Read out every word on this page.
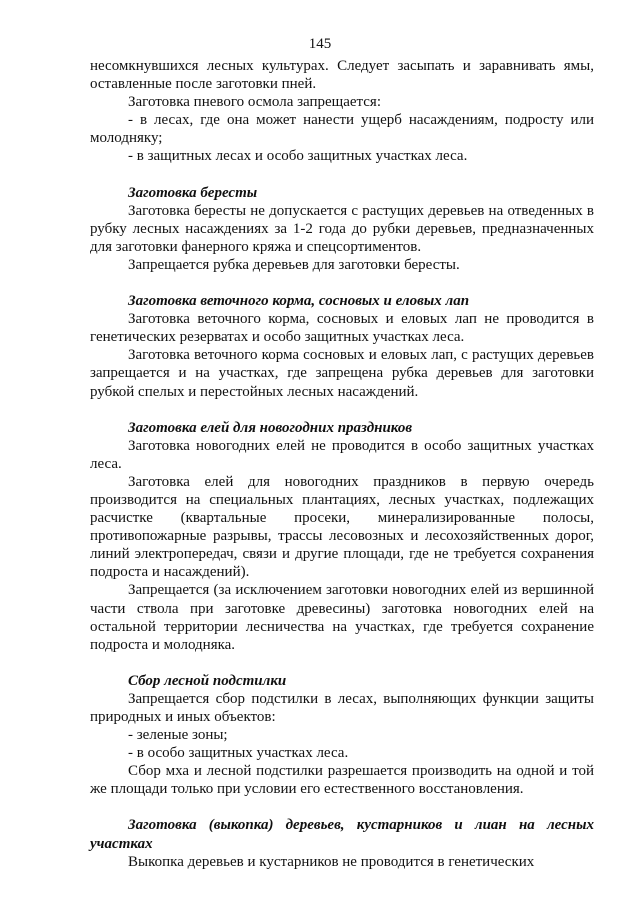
145

несомкнувшихся лесных культурах. Следует засыпать и заравнивать ямы, оставленные после заготовки пней.

Заготовка пневого осмола запрещается:

- в лесах, где она может нанести ущерб насаждениям, подросту или молодняку;

- в защитных лесах и особо защитных участках леса.

Заготовка бересты

Заготовка бересты не допускается с растущих деревьев на отведенных в рубку лесных насаждениях за 1-2 года до рубки деревьев, предназначенных для заготовки фанерного кряжа и спецсортиментов.

Запрещается рубка деревьев для заготовки бересты.

Заготовка веточного корма, сосновых и еловых лап

Заготовка веточного корма, сосновых и еловых лап не проводится в генетических резерватах и особо защитных участках леса.

Заготовка веточного корма сосновых и еловых лап, с растущих деревьев запрещается и на участках, где запрещена рубка деревьев для заготовки рубкой спелых и перестойных лесных насаждений.

Заготовка елей для новогодних праздников

Заготовка новогодних елей не проводится в особо защитных участках леса.

Заготовка елей для новогодних праздников в первую очередь производится на специальных плантациях, лесных участках, подлежащих расчистке (квартальные просеки, минерализированные полосы, противопожарные разрывы, трассы лесовозных и лесохозяйственных дорог, линий электропередач, связи и другие площади, где не требуется сохранения подроста и насаждений).

Запрещается (за исключением заготовки новогодних елей из вершинной части ствола при заготовке древесины) заготовка новогодних елей на остальной территории лесничества на участках, где требуется сохранение подроста и молодняка.

Сбор лесной подстилки

Запрещается сбор подстилки в лесах, выполняющих функции защиты природных и иных объектов:

- зеленые зоны;

- в особо защитных участках леса.

Сбор мха и лесной подстилки разрешается производить на одной и той же площади только при условии его естественного восстановления.

Заготовка (выкопка) деревьев, кустарников и лиан на лесных участках

Выкопка деревьев и кустарников не проводится в генетических
